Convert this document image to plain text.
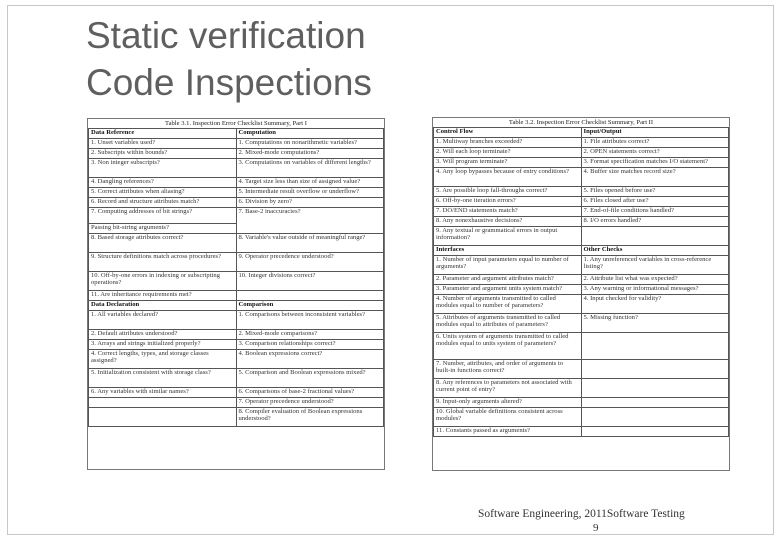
Static verification
Code Inspections
Table 3.1. Inspection Error Checklist Summary, Part I
Data Reference	Computation
1. Unset variables used?	1. Computations on nonarithmetic variables?
2. Subscripts within bounds?	2. Mixed-mode computations?
3. Non integer subscripts?	3. Computations on variables of different lengths?
4. Dangling references?	4. Target size less than size of assigned value?
5. Correct attributes when aliasing?	5. Intermediate result overflow or underflow?
6. Record and structure attributes match?	6. Division by zero?
7. Computing addresses of bit strings?	7. Base-2 inaccuracies?
Passing bit-string arguments?	
8. Based storage attributes correct?	8. Variable's value outside of meaningful range?
9. Structure definitions match across procedures?	9. Operator precedence understood?
10. Off-by-one errors in indexing or subscripting operations?	10. Integer divisions correct?
11. Are inheritance requirements met?	
Data Declaration	Comparison
1. All variables declared?	1. Comparisons between inconsistent variables?
2. Default attributes understood?	2. Mixed-mode comparisons?
3. Arrays and strings initialized properly?	3. Comparison relationships correct?
4. Correct lengths, types, and storage classes assigned?	4. Boolean expressions correct?
5. Initialization consistent with storage class?	5. Comparison and Boolean expressions mixed?
6. Any variables with similar names?	6. Comparisons of base-2 fractional values?
	7. Operator precedence understood?
	8. Compiler evaluation of Boolean expressions understood?
Table 3.2. Inspection Error Checklist Summary, Part II
Control Flow	Input/Output
1. Multiway branches exceeded?	1. File attributes correct?
2. Will each loop terminate?	2. OPEN statements correct?
3. Will program terminate?	3. Format specification matches I/O statement?
4. Any loop bypasses because of entry conditions?	4. Buffer size matches record size?
5. Are possible loop fall-throughs correct?	5. Files opened before use?
6. Off-by-one iteration errors?	6. Files closed after use?
7. DO/END statements match?	7. End-of-file conditions handled?
8. Any nonexhaustive decisions?	8. I/O errors handled?
9. Any textual or grammatical errors in output information?	
Interfaces	Other Checks
1. Number of input parameters equal to number of arguments?	1. Any unreferenced variables in cross-reference listing?
2. Parameter and argument attributes match?	2. Attribute list what was expected?
3. Parameter and argument units system match?	3. Any warning or informational messages?
4. Number of arguments transmitted to called modules equal to number of parameters?	4. Input checked for validity?
5. Attributes of arguments transmitted to called modules equal to attributes of parameters?	5. Missing function?
6. Units system of arguments transmitted to called modules equal to units system of parameters?	
7. Number, attributes, and order of arguments to built-in functions correct?	
8. Any references to parameters not associated with current point of entry?	
9. Input-only arguments altered?	
10. Global variable definitions consistent across modules?	
11. Constants passed as arguments?	
Software Engineering, 2011Software Testing
9
